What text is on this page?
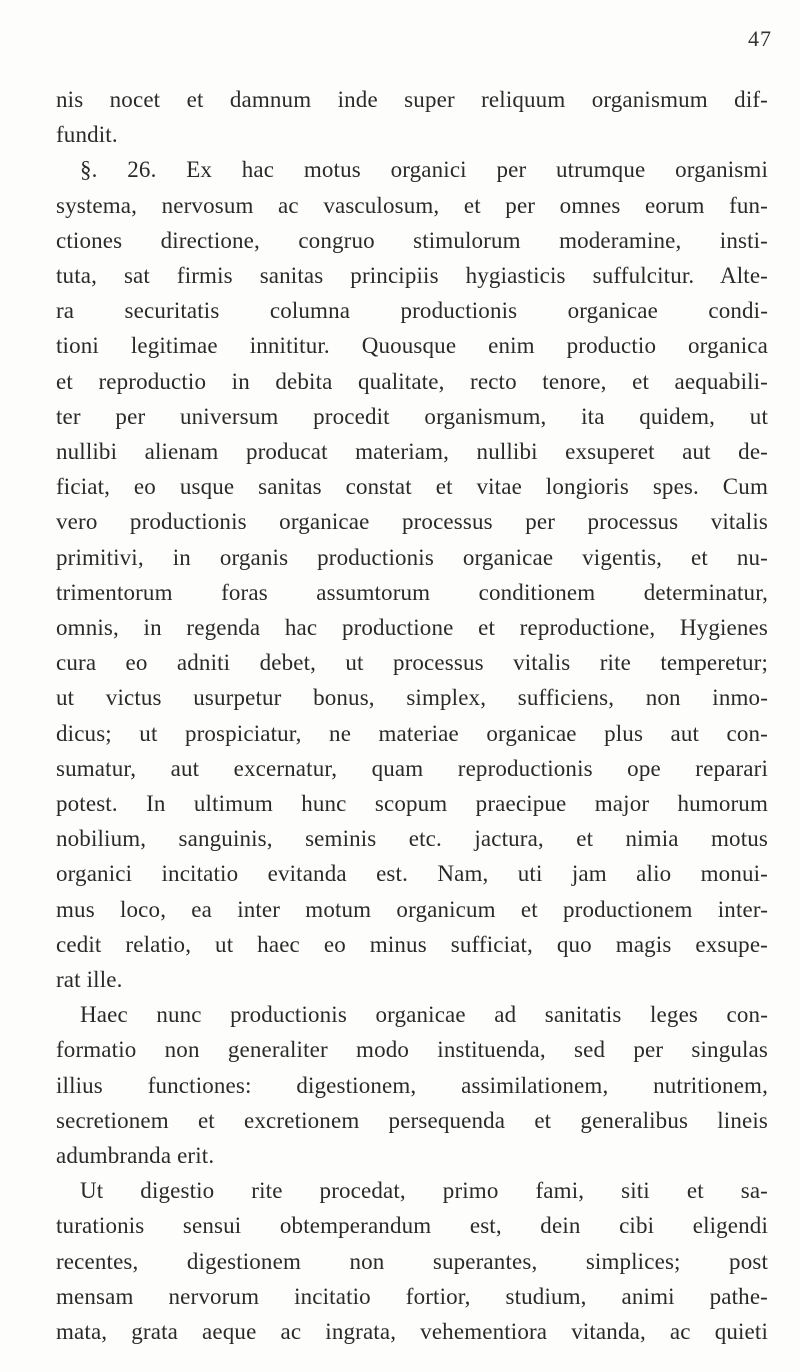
47
nis nocet et damnum inde super reliquum organismum dif-
fundit.
§. 26. Ex hac motus organici per utrumque organismi
systema, nervosum ac vasculosum, et per omnes eorum fun-
ctiones directione, congruo stimulorum moderamine, insti-
tuta, sat firmis sanitas principiis hygiasticis suffulcitur. Alte-
ra securitatis columna productionis organicae condi-
tioni legitimae innititur. Quousque enim productio organica
et reproductio in debita qualitate, recto tenore, et aequabili-
ter per universum procedit organismum, ita quidem, ut
nullibi alienam producat materiam, nullibi exsuperet aut de-
ficiat, eo usque sanitas constat et vitae longioris spes. Cum
vero productionis organicae processus per processus vitalis
primitivi, in organis productionis organicae vigentis, et nu-
trimentorum foras assumtorum conditionem determinatur,
omnis, in regenda hac productione et reproductione, Hygienes
cura eo adniti debet, ut processus vitalis rite temperetur;
ut victus usurpetur bonus, simplex, sufficiens, non inmo-
dicus; ut prospiciatur, ne materiae organicae plus aut con-
sumatur, aut excernatur, quam reproductionis ope reparari
potest. In ultimum hunc scopum praecipue major humorum
nobilium, sanguinis, seminis etc. jactura, et nimia motus
organici incitatio evitanda est. Nam, uti jam alio monui-
mus loco, ea inter motum organicum et productionem inter-
cedit relatio, ut haec eo minus sufficiat, quo magis exsupe-
rat ille.
Haec nunc productionis organicae ad sanitatis leges con-
formatio non generaliter modo instituenda, sed per singulas
illius functiones: digestionem, assimilationem, nutritionem,
secretionem et excretionem persequenda et generalibus lineis
adumbranda erit.
Ut digestio rite procedat, primo fami, siti et sa-
turationis sensui obtemperandum est, dein cibi eligendi
recentes, digestionem non superantes, simplices; post
mensam nervorum incitatio fortior, studium, animi pathe-
mata, grata aeque ac ingrata, vehementiora vitanda, ac quieti
